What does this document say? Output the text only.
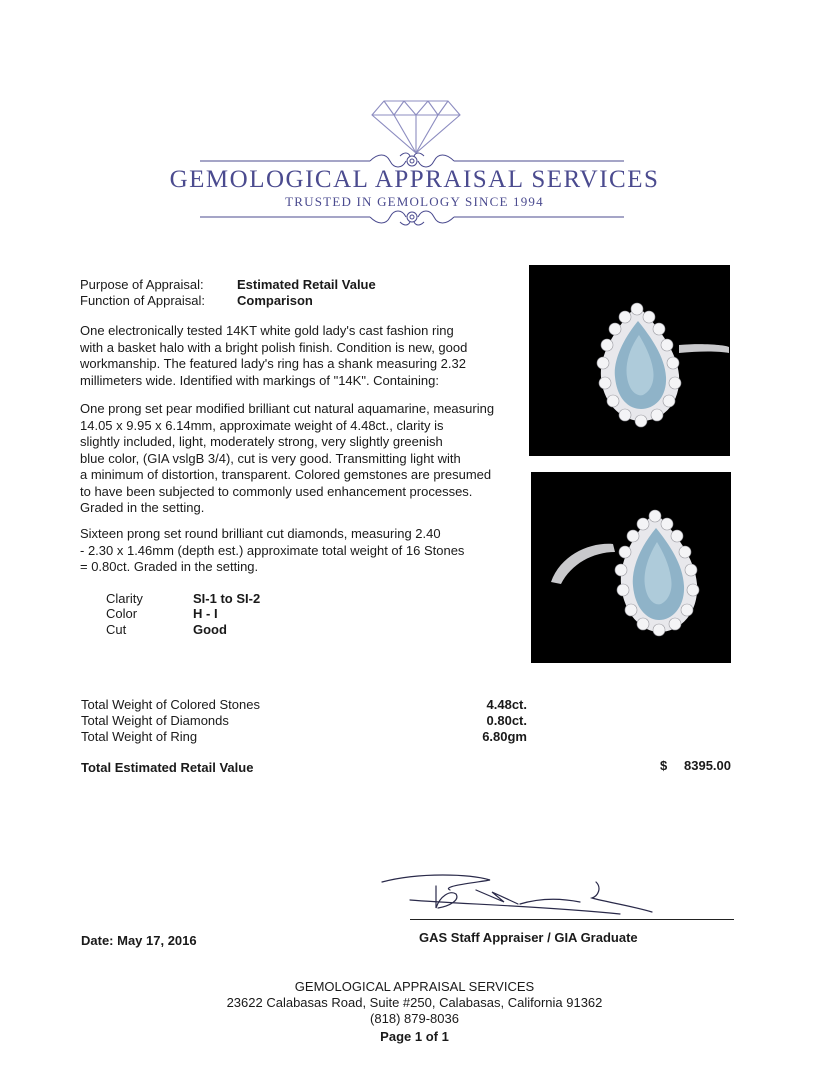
GEMOLOGICAL APPRAISAL SERVICES
TRUSTED IN GEMOLOGY SINCE 1994
Purpose of Appraisal:	Estimated Retail Value
Function of Appraisal: Comparison
One electronically tested 14KT white gold lady's cast fashion ring
with a basket halo with a bright polish finish. Condition is new, good
workmanship. The featured lady's ring has a shank measuring 2.32
millimeters wide. Identified with markings of "14K". Containing:
One prong set pear modified brilliant cut natural aquamarine, measuring
14.05 x 9.95 x 6.14mm, approximate weight of 4.48ct., clarity is
slightly included, light, moderately strong, very slightly greenish
blue color, (GIA vslgB 3/4), cut is very good. Transmitting light with
a minimum of distortion, transparent. Colored gemstones are presumed
to have been subjected to commonly used enhancement processes.
Graded in the setting.
Sixteen prong set round brilliant cut diamonds, measuring 2.40
- 2.30 x 1.46mm (depth est.) approximate total weight of 16 Stones
= 0.80ct. Graded in the setting.
Clarity	SI-1 to SI-2
Color	H - I
Cut	Good
Total Weight of Colored Stones	4.48ct.
Total Weight of Diamonds	0.80ct.
Total Weight of Ring	6.80gm
Total Estimated Retail Value	$	8395.00
Date: May 17, 2016	GAS Staff Appraiser / GIA Graduate
GEMOLOGICAL APPRAISAL SERVICES
23622 Calabasas Road, Suite #250, Calabasas, California 91362
(818) 879-8036
Page 1 of 1
